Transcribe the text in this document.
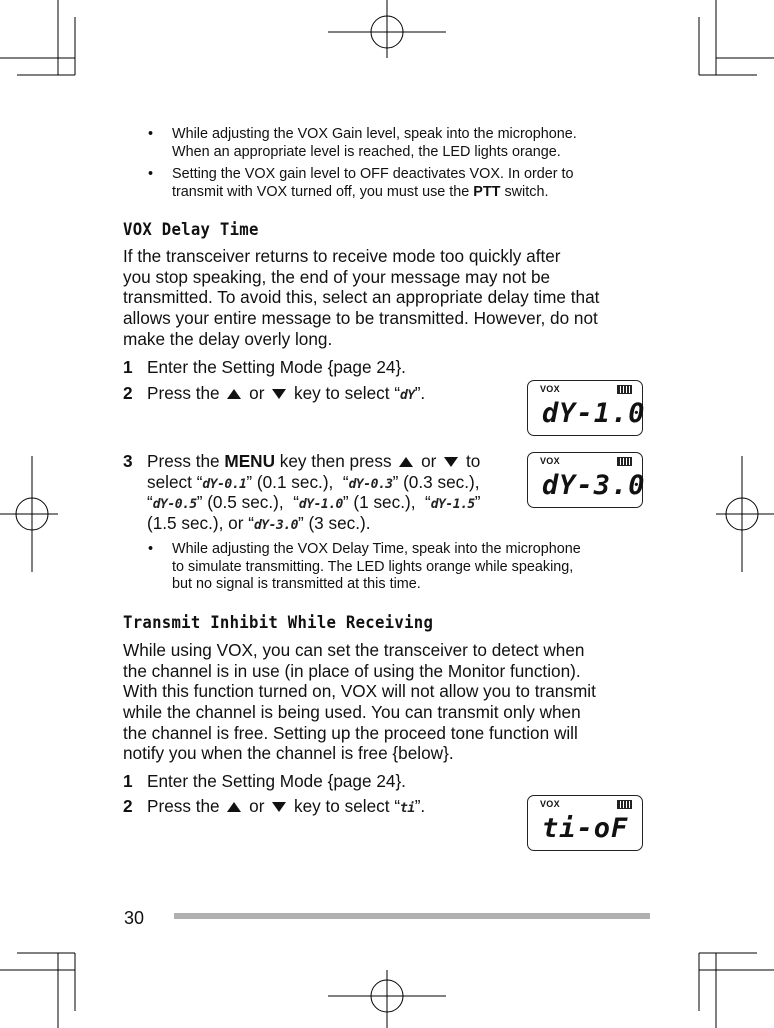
• While adjusting the VOX Gain level, speak into the microphone.
When an appropriate level is reached, the LED lights orange.
• Setting the VOX gain level to OFF deactivates VOX. In order to
transmit with VOX turned off, you must use the PTT switch.
VOX Delay Time
If the transceiver returns to receive mode too quickly after
you stop speaking, the end of your message may not be
transmitted. To avoid this, select an appropriate delay time that
allows your entire message to be transmitted. However, do not
make the delay overly long.
1 Enter the Setting Mode {page 24}.
2 Press the  or  key to select “dY”.	VOX
dY-1.0
3 Press the MENU key then press  or  to
select “dY-0.1” (0.1 sec.), “dY-0.3” (0.3 sec.),
“dY-0.5” (0.5 sec.), “dY-1.0” (1 sec.), “dY-1.5”
(1.5 sec.), or “dY-3.0” (3 sec.).
VOX
dY-3.0
• While adjusting the VOX Delay Time, speak into the microphone
to simulate transmitting. The LED lights orange while speaking,
but no signal is transmitted at this time.
Transmit Inhibit While Receiving
While using VOX, you can set the transceiver to detect when
the channel is in use (in place of using the Monitor function).
With this function turned on, VOX will not allow you to transmit
while the channel is being used. You can transmit only when
the channel is free. Setting up the proceed tone function will
notify you when the channel is free {below}.
1 Enter the Setting Mode {page 24}.
2 Press the  or  key to select “ti”.	VOX
ti-oF
30
